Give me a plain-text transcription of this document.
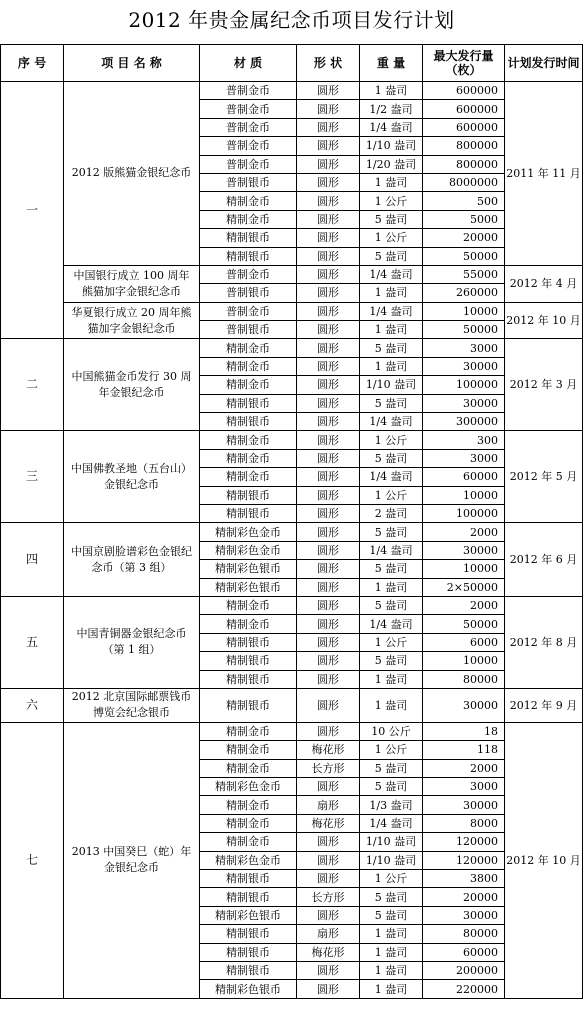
2012 年贵金属纪念币项目发行计划
序 号	项 目 名 称	材 质	形 状	重 量	最大发行量（枚）	计划发行时间
一	2012 版熊猫金银纪念币	普制金币	圆形	1 盎司	600000	2011 年 11 月
		普制金币	圆形	1/2 盎司	600000	
		普制金币	圆形	1/4 盎司	600000	
		普制金币	圆形	1/10 盎司	800000	
		普制金币	圆形	1/20 盎司	800000	
		普制银币	圆形	1 盎司	8000000	
		精制金币	圆形	1 公斤	500	
		精制金币	圆形	5 盎司	5000	
		精制银币	圆形	1 公斤	20000	
		精制银币	圆形	5 盎司	50000	
	中国银行成立 100 周年熊猫加字金银纪念币	普制金币	圆形	1/4 盎司	55000	2012 年 4 月
		普制银币	圆形	1 盎司	260000	
	华夏银行成立 20 周年熊猫加字金银纪念币	普制金币	圆形	1/4 盎司	10000	2012 年 10 月
		普制银币	圆形	1 盎司	50000	
二	中国熊猫金币发行 30 周年金银纪念币	精制金币	圆形	5 盎司	3000	2012 年 3 月
		精制金币	圆形	1 盎司	30000	
		精制金币	圆形	1/10 盎司	100000	
		精制银币	圆形	5 盎司	30000	
		精制银币	圆形	1/4 盎司	300000	
三	中国佛教圣地（五台山）金银纪念币	精制金币	圆形	1 公斤	300	2012 年 5 月
		精制金币	圆形	5 盎司	3000	
		精制金币	圆形	1/4 盎司	60000	
		精制银币	圆形	1 公斤	10000	
		精制银币	圆形	2 盎司	100000	
四	中国京剧脸谱彩色金银纪念币（第 3 组）	精制彩色金币	圆形	5 盎司	2000	2012 年 6 月
		精制彩色金币	圆形	1/4 盎司	30000	
		精制彩色银币	圆形	5 盎司	10000	
		精制彩色银币	圆形	1 盎司	2×50000	
五	中国青铜器金银纪念币（第 1 组）	精制金币	圆形	5 盎司	2000	2012 年 8 月
		精制金币	圆形	1/4 盎司	50000	
		精制银币	圆形	1 公斤	6000	
		精制银币	圆形	5 盎司	10000	
		精制银币	圆形	1 盎司	80000	
六	2012 北京国际邮票钱币博览会纪念银币	精制银币	圆形	1 盎司	30000	2012 年 9 月
七	2013 中国癸巳（蛇）年金银纪念币	精制金币	圆形	10 公斤	18	2012 年 10 月
		精制金币	梅花形	1 公斤	118	
		精制金币	长方形	5 盎司	2000	
		精制彩色金币	圆形	5 盎司	3000	
		精制金币	扇形	1/3 盎司	30000	
		精制金币	梅花形	1/4 盎司	8000	
		精制金币	圆形	1/10 盎司	120000	
		精制彩色金币	圆形	1/10 盎司	120000	
		精制银币	圆形	1 公斤	3800	
		精制银币	长方形	5 盎司	20000	
		精制彩色银币	圆形	5 盎司	30000	
		精制银币	扇形	1 盎司	80000	
		精制银币	梅花形	1 盎司	60000	
		精制银币	圆形	1 盎司	200000	
		精制彩色银币	圆形	1 盎司	220000	
